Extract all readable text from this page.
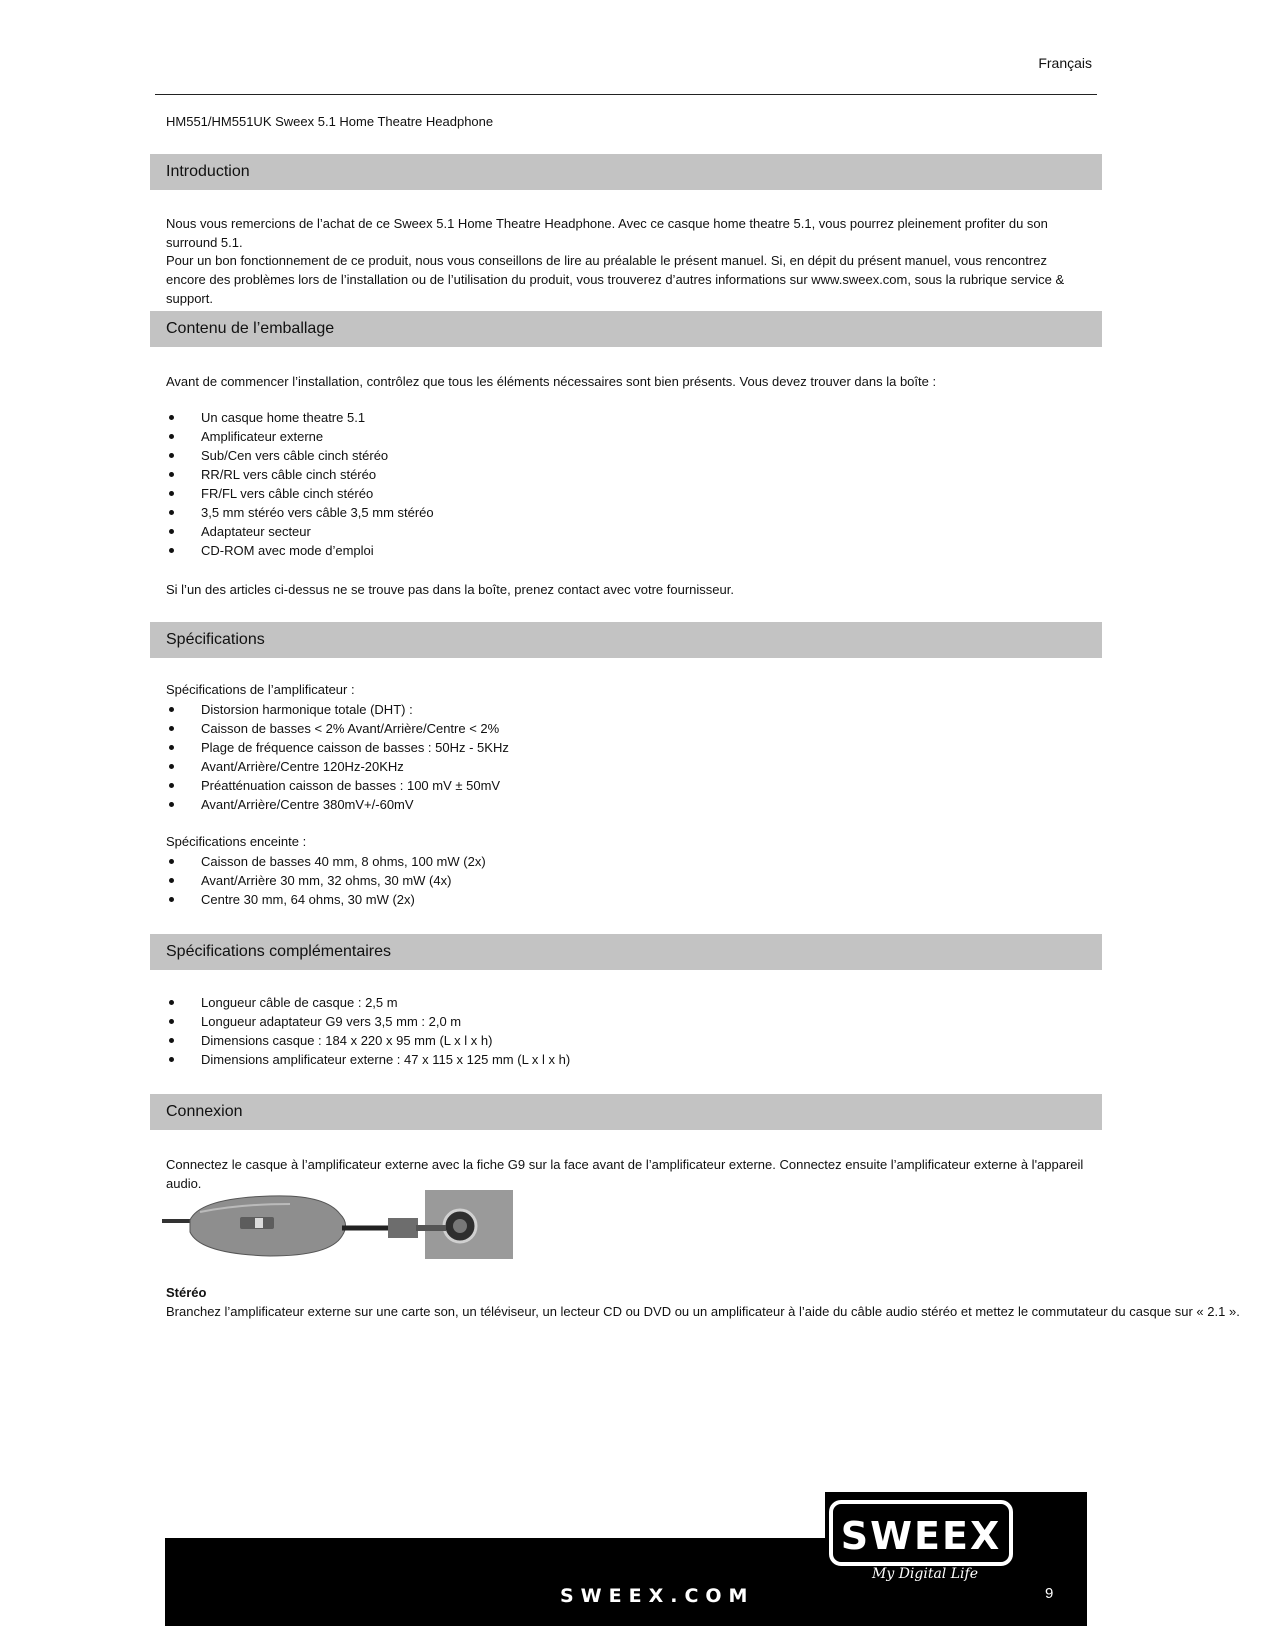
Français
HM551/HM551UK Sweex 5.1 Home Theatre Headphone
Introduction

Nous vous remercions de l’achat de ce Sweex 5.1 Home Theatre Headphone. Avec ce casque home theatre 5.1, vous pourrez pleinement profiter du son surround 5.1.

Pour un bon fonctionnement de ce produit, nous vous conseillons de lire au préalable le présent manuel. Si, en dépit du présent manuel, vous rencontrez encore des problèmes lors de l’installation ou de l’utilisation du produit, vous trouverez d’autres informations sur www.sweex.com, sous la rubrique service & support.

Contenu de l’emballage

Avant de commencer l’installation, contrôlez que tous les éléments nécessaires sont bien présents. Vous devez trouver dans la boîte :

Un casque home theatre 5.1
Amplificateur externe
Sub/Cen vers câble cinch stéréo
RR/RL vers câble cinch stéréo
FR/FL vers câble cinch stéréo
3,5 mm stéréo vers câble 3,5 mm stéréo
Adaptateur secteur
CD-ROM avec mode d’emploi

Si l’un des articles ci-dessus ne se trouve pas dans la boîte, prenez contact avec votre fournisseur.

Spécifications
Spécifications de l’amplificateur :
Distorsion harmonique totale (DHT) :
Caisson de basses < 2% Avant/Arrière/Centre < 2%
Plage de fréquence caisson de basses : 50Hz - 5KHz
Avant/Arrière/Centre 120Hz-20KHz
Préatténuation caisson de basses : 100 mV ± 50mV
Avant/Arrière/Centre 380mV+/-60mV
Spécifications enceinte :
Caisson de basses 40 mm, 8 ohms, 100 mW (2x)
Avant/Arrière 30 mm, 32 ohms, 30 mW (4x)
Centre 30 mm, 64 ohms, 30 mW (2x)
Spécifications complémentaires
Longueur câble de casque : 2,5 m
Longueur adaptateur G9 vers 3,5 mm : 2,0 m
Dimensions casque : 184 x 220 x 95 mm (L x l x h)
Dimensions amplificateur externe : 47 x 115 x 125 mm (L x l x h)
Connexion

Connectez le casque à l’amplificateur externe avec la fiche G9 sur la face avant de l’amplificateur externe. Connectez ensuite l’amplificateur externe à l'appareil audio.

Stéréo
Branchez l’amplificateur externe sur une carte son, un téléviseur, un lecteur CD ou DVD ou un amplificateur à l’aide du câble audio stéréo et mettez le commutateur du casque sur « 2.1 ».
SWEEX
My Digital Life
SWEEX.COM	9
